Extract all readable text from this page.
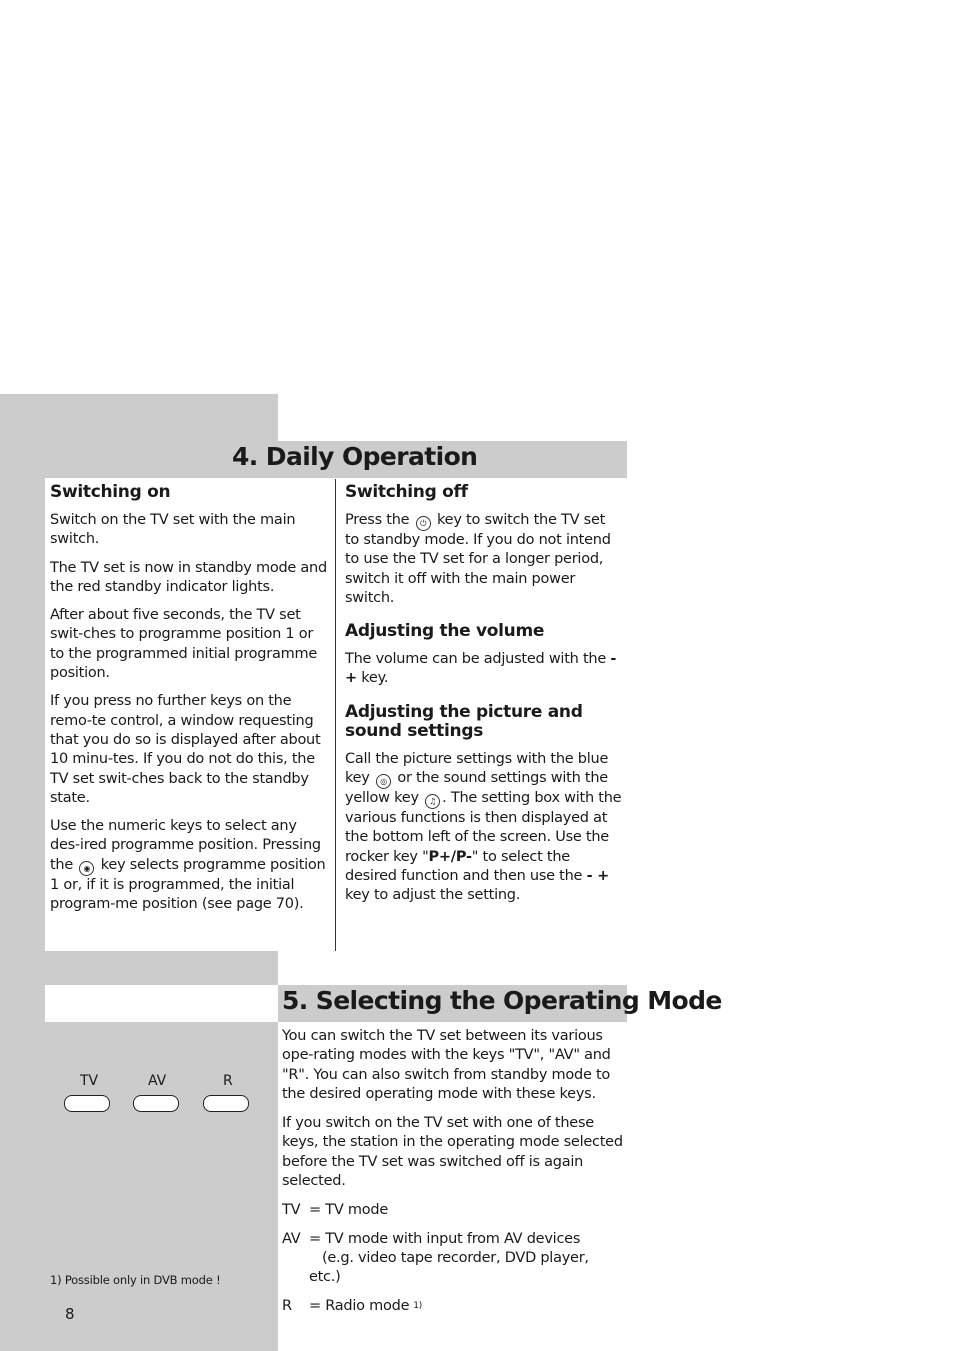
4. Daily Operation
Switching on

Switch on the TV set with the main switch.

The TV set is now in standby mode and the red standby indicator lights.

After about five seconds, the TV set swit-ches to programme position 1 or to the programmed initial programme position.

If you press no further keys on the remo-te control, a window requesting that you do so is displayed after about 10 minu-tes. If you do not do this, the TV set swit-ches back to the standby state.

Use the numeric keys to select any des-ired programme position. Pressing the ◉ key selects programme position 1 or, if it is programmed, the initial program-me position (see page 70).

Switching off

Press the ⏻ key to switch the TV set to standby mode. If you do not intend to use the TV set for a longer period, switch it off with the main power switch.

Adjusting the volume

The volume can be adjusted with the - + key.

Adjusting the picture and sound settings

Call the picture settings with the blue key ◎ or the sound settings with the yellow key ♫ . The setting box with the various functions is then displayed at the bottom left of the screen. Use the rocker key "P+/P-" to select the desired function and then use the - + key to adjust the setting.

5. Selecting the Operating Mode

You can switch the TV set between its various ope-rating modes with the keys "TV", "AV" and "R". You can also switch from standby mode to the desired operating mode with these keys.

If you switch on the TV set with one of these keys, the station in the operating mode selected before the TV set was switched off is again selected.

TV = TV mode
AV = TV mode with input from AV devices
(e.g. video tape recorder, DVD player, etc.)
R	= Radio mode 1)
TV	AV	R
1) Possible only in DVB mode !
8
